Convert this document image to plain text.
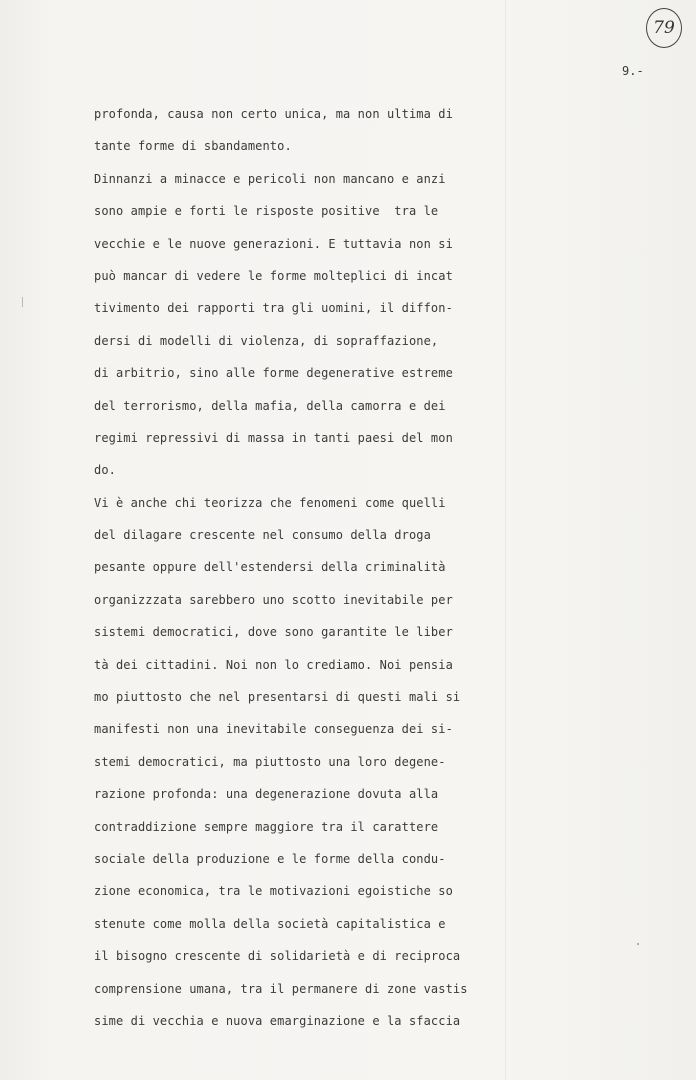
79
9.-
profonda, causa non certo unica, ma non ultima di
tante forme di sbandamento.
Dinnanzi a minacce e pericoli non mancano e anzi
sono ampie e forti le risposte positive  tra le
vecchie e le nuove generazioni. E tuttavia non si
può mancar di vedere le forme molteplici di incat
tivimento dei rapporti tra gli uomini, il diffon-
dersi di modelli di violenza, di sopraffazione,
di arbitrio, sino alle forme degenerative estreme
del terrorismo, della mafia, della camorra e dei
regimi repressivi di massa in tanti paesi del mon
do.
Vi è anche chi teorizza che fenomeni come quelli
del dilagare crescente nel consumo della droga
pesante oppure dell'estendersi della criminalità
organizzzata sarebbero uno scotto inevitabile per
sistemi democratici, dove sono garantite le liber
tà dei cittadini. Noi non lo crediamo. Noi pensia
mo piuttosto che nel presentarsi di questi mali si
manifesti non una inevitabile conseguenza dei si-
stemi democratici, ma piuttosto una loro degene-
razione profonda: una degenerazione dovuta alla
contraddizione sempre maggiore tra il carattere
sociale della produzione e le forme della condu-
zione economica, tra le motivazioni egoistiche so
stenute come molla della società capitalistica e
il bisogno crescente di solidarietà e di reciproca
comprensione umana, tra il permanere di zone vastis
sime di vecchia e nuova emarginazione e la sfaccia
